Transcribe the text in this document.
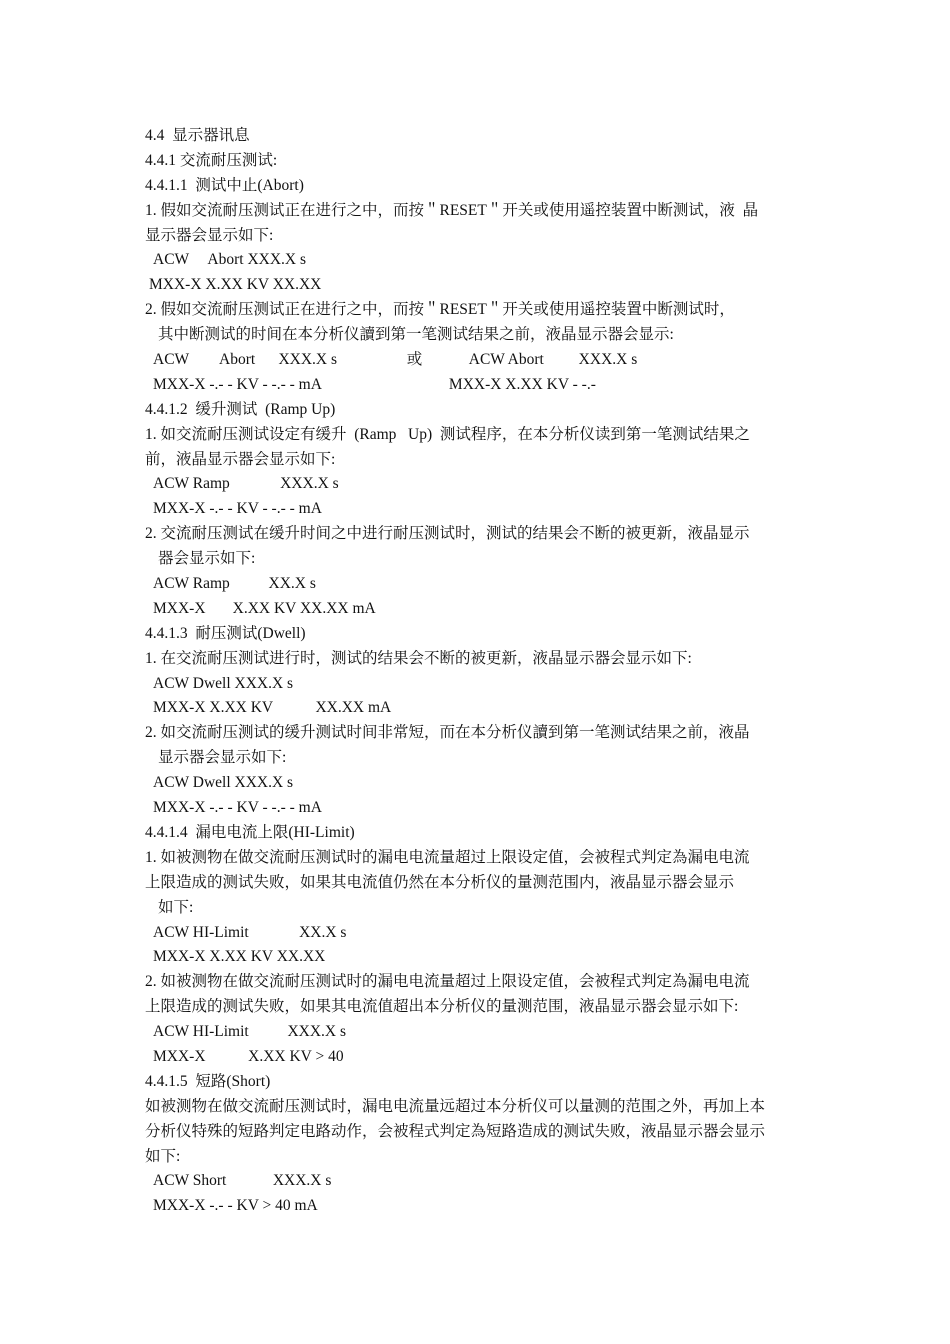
4.4  显示器讯息
4.4.1 交流耐压测试:
4.4.1.1  测试中止(Abort)
1. 假如交流耐压测试正在进行之中，而按＂RESET＂开关或使用遥控装置中断测试，液  晶
显示器会显示如下:
ACW     Abort XXX.X s
MXX-X X.XX KV XX.XX
2. 假如交流耐压测试正在进行之中，而按＂RESET＂开关或使用遥控装置中断测试时，
其中断测试的时间在本分析仪讀到第一笔测试结果之前，液晶显示器会显示:
ACW        Abort      XXX.X s                  或            ACW Abort         XXX.X s
MXX-X -.- - KV - -.- - mA                                 MXX-X X.XX KV - -.-
4.4.1.2  缓升测试  (Ramp Up)
1. 如交流耐压测试设定有缓升  (Ramp   Up)  测试程序，在本分析仪读到第一笔测试结果之
前，液晶显示器会显示如下:
ACW Ramp             XXX.X s
MXX-X -.- - KV - -.- - mA
2. 交流耐压测试在缓升时间之中进行耐压测试时，测试的结果会不断的被更新，液晶显示
器会显示如下:
ACW Ramp          XX.X s
MXX-X       X.XX KV XX.XX mA
4.4.1.3  耐压测试(Dwell)
1. 在交流耐压测试进行时，测试的结果会不断的被更新，液晶显示器会显示如下:
ACW Dwell XXX.X s
MXX-X X.XX KV           XX.XX mA
2. 如交流耐压测试的缓升测试时间非常短，而在本分析仪讀到第一笔测试结果之前，液晶
显示器会显示如下:
ACW Dwell XXX.X s
MXX-X -.- - KV - -.- - mA
4.4.1.4  漏电电流上限(HI-Limit)
1. 如被测物在做交流耐压测试时的漏电电流量超过上限设定值，会被程式判定為漏电电流
上限造成的测试失败，如果其电流值仍然在本分析仪的量测范围内，液晶显示器会显示
如下:
ACW HI-Limit             XX.X s
MXX-X X.XX KV XX.XX
2. 如被测物在做交流耐压测试时的漏电电流量超过上限设定值，会被程式判定為漏电电流
上限造成的测试失败，如果其电流值超出本分析仪的量测范围，液晶显示器会显示如下:
ACW HI-Limit          XXX.X s
MXX-X           X.XX KV > 40
4.4.1.5  短路(Short)
如被测物在做交流耐压测试时，漏电电流量远超过本分析仪可以量测的范围之外，再加上本
分析仪特殊的短路判定电路动作，会被程式判定為短路造成的测试失败，液晶显示器会显示
如下:
ACW Short            XXX.X s
MXX-X -.- - KV > 40 mA
